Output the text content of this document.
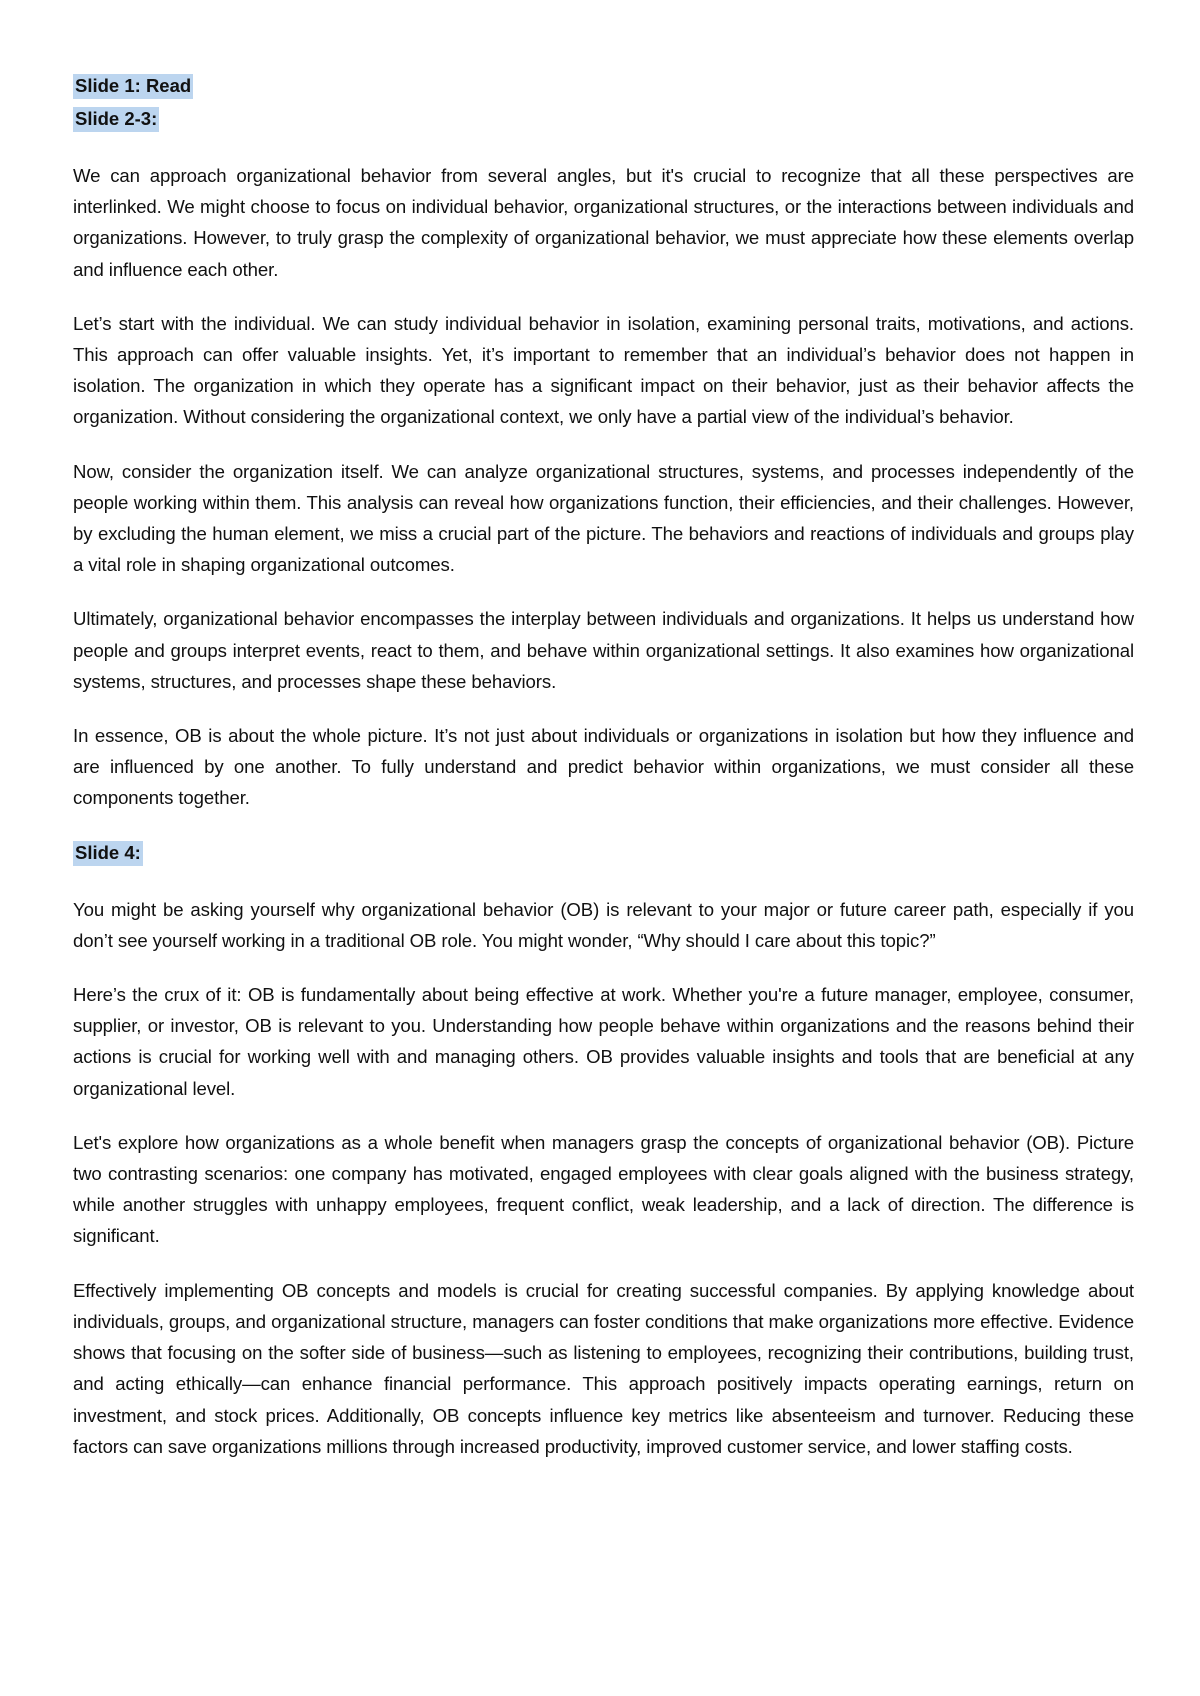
Slide 1: Read

Slide 2-3:

We can approach organizational behavior from several angles, but it's crucial to recognize that all these perspectives are interlinked. We might choose to focus on individual behavior, organizational structures, or the interactions between individuals and organizations. However, to truly grasp the complexity of organizational behavior, we must appreciate how these elements overlap and influence each other.

Let’s start with the individual. We can study individual behavior in isolation, examining personal traits, motivations, and actions. This approach can offer valuable insights. Yet, it’s important to remember that an individual’s behavior does not happen in isolation. The organization in which they operate has a significant impact on their behavior, just as their behavior affects the organization. Without considering the organizational context, we only have a partial view of the individual’s behavior.

Now, consider the organization itself. We can analyze organizational structures, systems, and processes independently of the people working within them. This analysis can reveal how organizations function, their efficiencies, and their challenges. However, by excluding the human element, we miss a crucial part of the picture. The behaviors and reactions of individuals and groups play a vital role in shaping organizational outcomes.

Ultimately, organizational behavior encompasses the interplay between individuals and organizations. It helps us understand how people and groups interpret events, react to them, and behave within organizational settings. It also examines how organizational systems, structures, and processes shape these behaviors.

In essence, OB is about the whole picture. It’s not just about individuals or organizations in isolation but how they influence and are influenced by one another. To fully understand and predict behavior within organizations, we must consider all these components together.

Slide 4:

You might be asking yourself why organizational behavior (OB) is relevant to your major or future career path, especially if you don’t see yourself working in a traditional OB role. You might wonder, “Why should I care about this topic?”

Here’s the crux of it: OB is fundamentally about being effective at work. Whether you're a future manager, employee, consumer, supplier, or investor, OB is relevant to you. Understanding how people behave within organizations and the reasons behind their actions is crucial for working well with and managing others. OB provides valuable insights and tools that are beneficial at any organizational level.

Let's explore how organizations as a whole benefit when managers grasp the concepts of organizational behavior (OB). Picture two contrasting scenarios: one company has motivated, engaged employees with clear goals aligned with the business strategy, while another struggles with unhappy employees, frequent conflict, weak leadership, and a lack of direction. The difference is significant.

Effectively implementing OB concepts and models is crucial for creating successful companies. By applying knowledge about individuals, groups, and organizational structure, managers can foster conditions that make organizations more effective. Evidence shows that focusing on the softer side of business—such as listening to employees, recognizing their contributions, building trust, and acting ethically—can enhance financial performance. This approach positively impacts operating earnings, return on investment, and stock prices. Additionally, OB concepts influence key metrics like absenteeism and turnover. Reducing these factors can save organizations millions through increased productivity, improved customer service, and lower staffing costs.
